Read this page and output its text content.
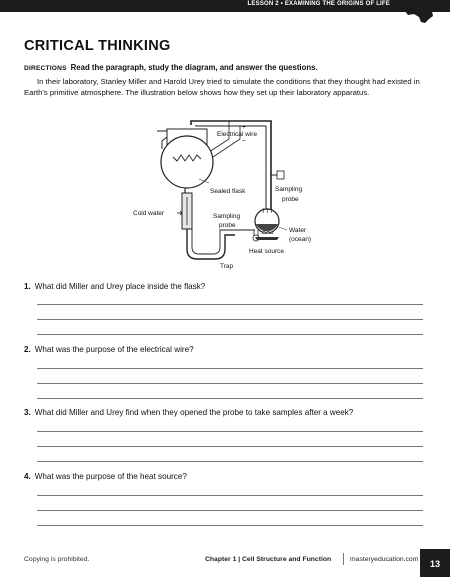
LESSON 2 • EXAMINING THE ORIGINS OF LIFE
CRITICAL THINKING
DIRECTIONS Read the paragraph, study the diagram, and answer the questions.
In their laboratory, Stanley Miller and Harold Urey tried to simulate the conditions that they thought had existed in Earth's primitive atmosphere. The illustration below shows how they set up their laboratory apparatus.
Electrical wire
+
–
Sealed flask
Cold water
Sampling
probe
Sampling
probe
Water
(ocean)
Heat source
Trap
1. What did Miller and Urey place inside the flask?
2. What was the purpose of the electrical wire?
3. What did Miller and Urey find when they opened the probe to take samples after a week?
4. What was the purpose of the heat source?
Copying is prohibited.	Chapter 1 | Cell Structure and Function	masteryeducation.com	13
